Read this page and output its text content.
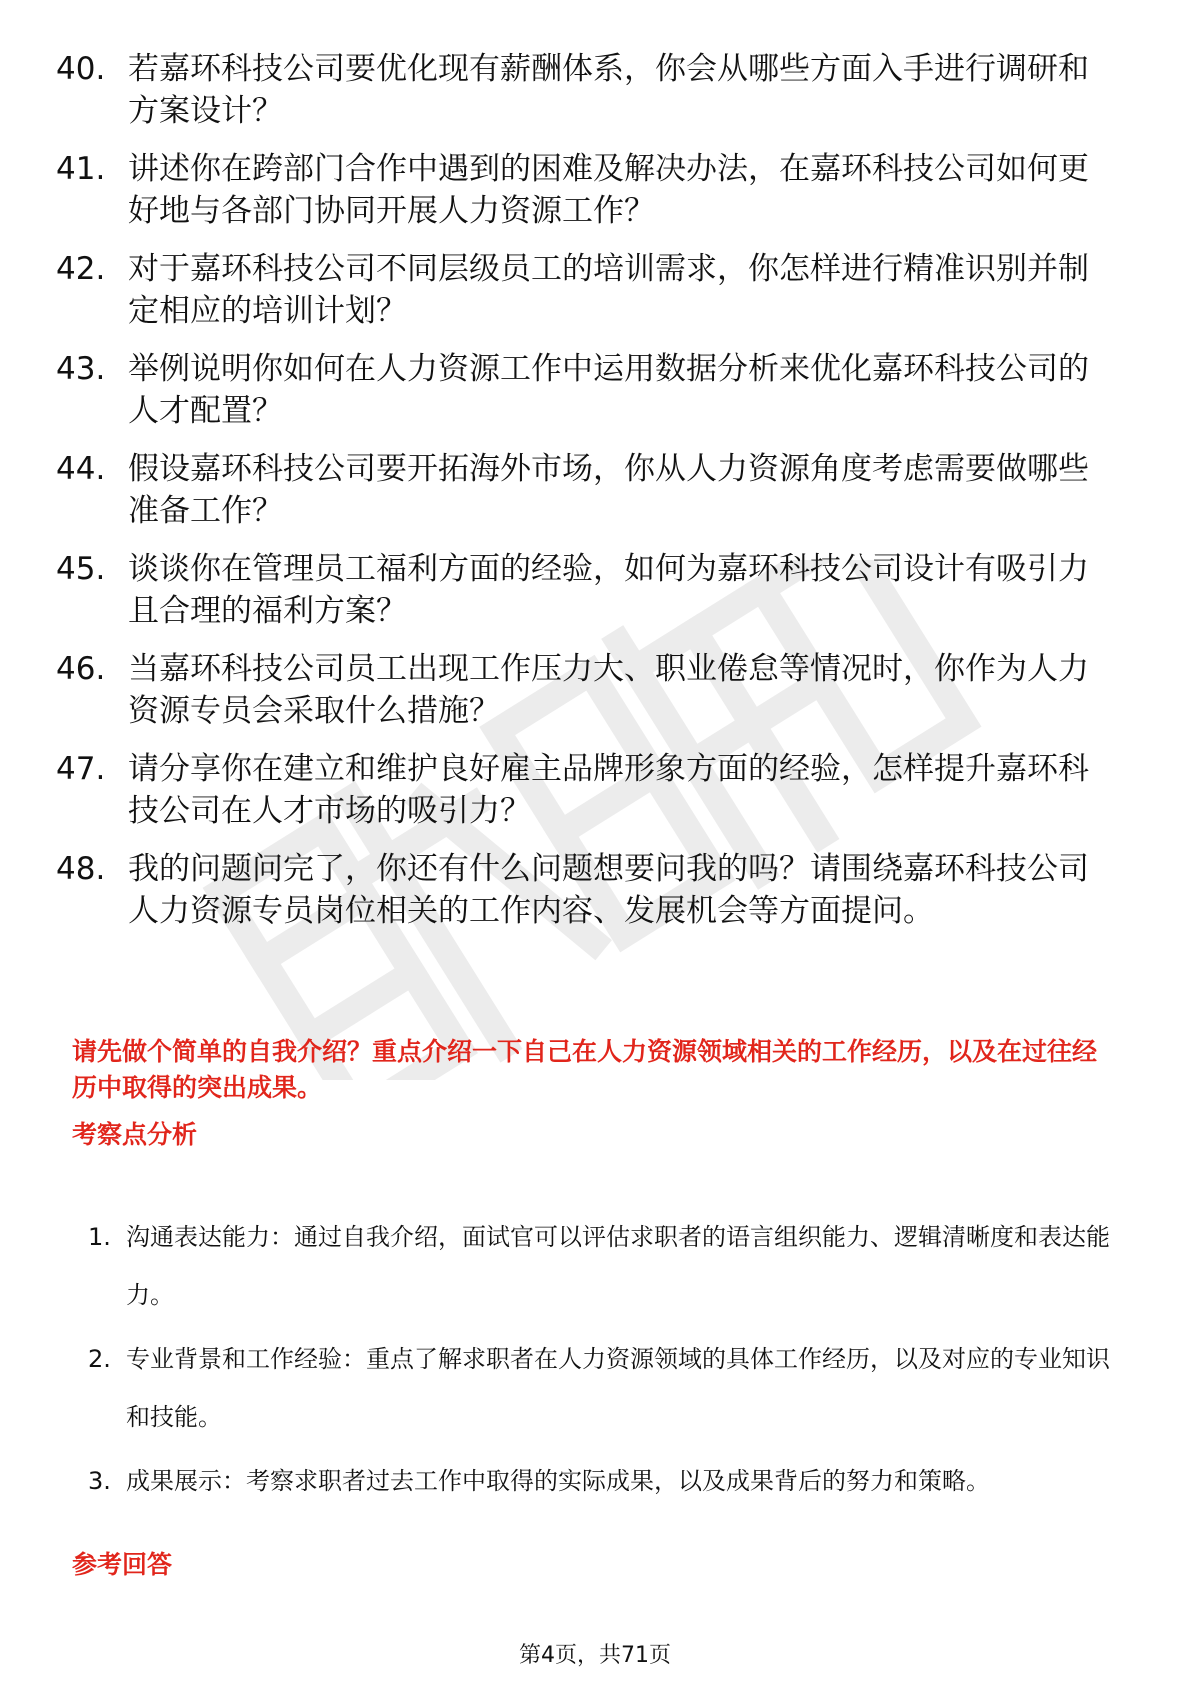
40. 若嘉环科技公司要优化现有薪酬体系，你会从哪些方面入手进行调研和方案设计？
41. 讲述你在跨部门合作中遇到的困难及解决办法，在嘉环科技公司如何更好地与各部门协同开展人力资源工作？
42. 对于嘉环科技公司不同层级员工的培训需求，你怎样进行精准识别并制定相应的培训计划？
43. 举例说明你如何在人力资源工作中运用数据分析来优化嘉环科技公司的人才配置？
44. 假设嘉环科技公司要开拓海外市场，你从人力资源角度考虑需要做哪些准备工作？
45. 谈谈你在管理员工福利方面的经验，如何为嘉环科技公司设计有吸引力且合理的福利方案？
46. 当嘉环科技公司员工出现工作压力大、职业倦怠等情况时，你作为人力资源专员会采取什么措施？
47. 请分享你在建立和维护良好雇主品牌形象方面的经验，怎样提升嘉环科技公司在人才市场的吸引力？
48. 我的问题问完了，你还有什么问题想要问我的吗？请围绕嘉环科技公司人力资源专员岗位相关的工作内容、发展机会等方面提问。
请先做个简单的自我介绍？重点介绍一下自己在人力资源领域相关的工作经历，以及在过往经历中取得的突出成果。
考察点分析
1. 沟通表达能力：通过自我介绍，面试官可以评估求职者的语言组织能力、逻辑清晰度和表达能力。
2. 专业背景和工作经验：重点了解求职者在人力资源领域的具体工作经历，以及对应的专业知识和技能。
3. 成果展示：考察求职者过去工作中取得的实际成果，以及成果背后的努力和策略。
参考回答
第4页，共71页
